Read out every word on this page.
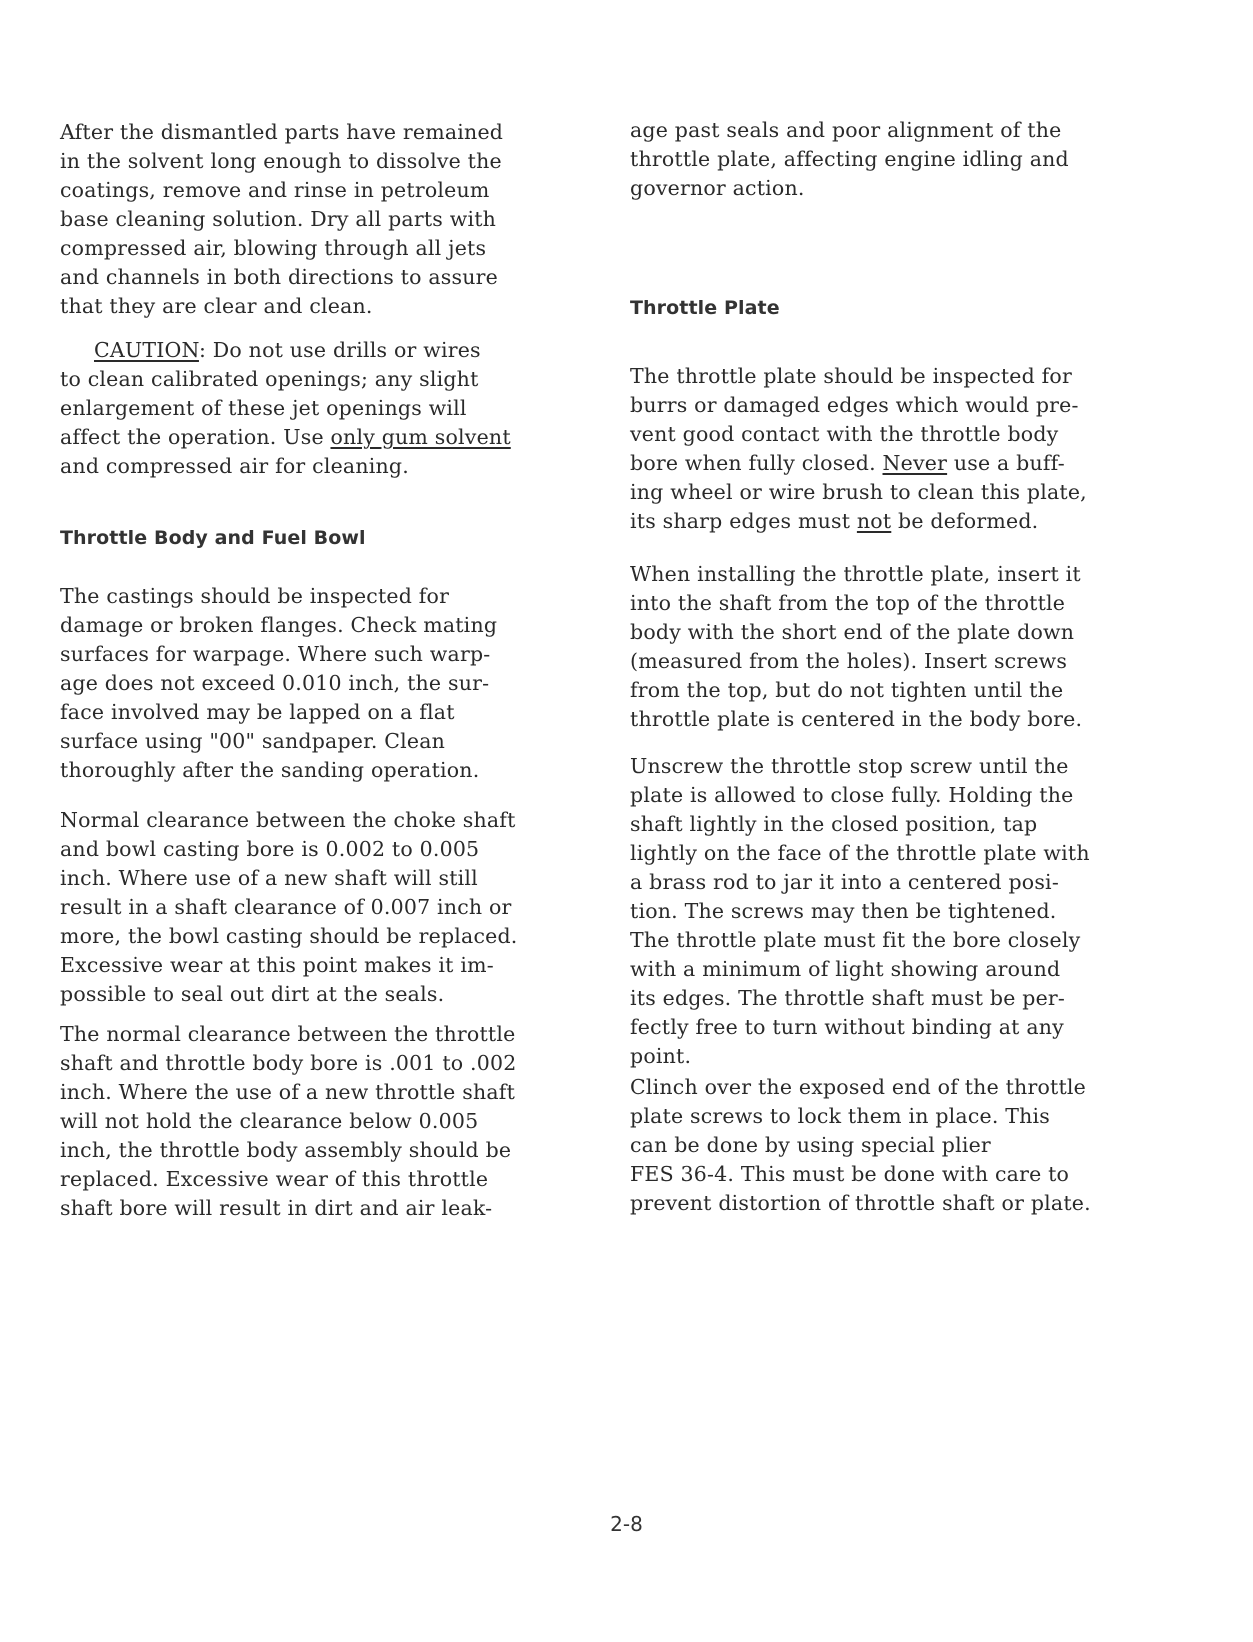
After the dismantled parts have remained
in the solvent long enough to dissolve the
coatings, remove and rinse in petroleum
base cleaning solution. Dry all parts with
compressed air, blowing through all jets
and channels in both directions to assure
that they are clear and clean.

CAUTION: Do not use drills or wires
to clean calibrated openings; any slight
enlargement of these jet openings will
affect the operation. Use only gum solvent
and compressed air for cleaning.

Throttle Body and Fuel Bowl

The castings should be inspected for
damage or broken flanges. Check mating
surfaces for warpage. Where such warp-
age does not exceed 0.010 inch, the sur-
face involved may be lapped on a flat
surface using "00" sandpaper. Clean
thoroughly after the sanding operation.

Normal clearance between the choke shaft
and bowl casting bore is 0.002 to 0.005
inch. Where use of a new shaft will still
result in a shaft clearance of 0.007 inch or
more, the bowl casting should be replaced.
Excessive wear at this point makes it im-
possible to seal out dirt at the seals.

The normal clearance between the throttle
shaft and throttle body bore is .001 to .002
inch. Where the use of a new throttle shaft
will not hold the clearance below 0.005
inch, the throttle body assembly should be
replaced. Excessive wear of this throttle
shaft bore will result in dirt and air leak-

age past seals and poor alignment of the
throttle plate, affecting engine idling and
governor action.

Throttle Plate

The throttle plate should be inspected for
burrs or damaged edges which would pre-
vent good contact with the throttle body
bore when fully closed. Never use a buff-
ing wheel or wire brush to clean this plate,
its sharp edges must not be deformed.

When installing the throttle plate, insert it
into the shaft from the top of the throttle
body with the short end of the plate down
(measured from the holes). Insert screws
from the top, but do not tighten until the
throttle plate is centered in the body bore.

Unscrew the throttle stop screw until the
plate is allowed to close fully. Holding the
shaft lightly in the closed position, tap
lightly on the face of the throttle plate with
a brass rod to jar it into a centered posi-
tion. The screws may then be tightened.
The throttle plate must fit the bore closely
with a minimum of light showing around
its edges. The throttle shaft must be per-
fectly free to turn without binding at any
point.

Clinch over the exposed end of the throttle
plate screws to lock them in place. This
can be done by using special plier
FES 36-4. This must be done with care to
prevent distortion of throttle shaft or plate.

2-8
